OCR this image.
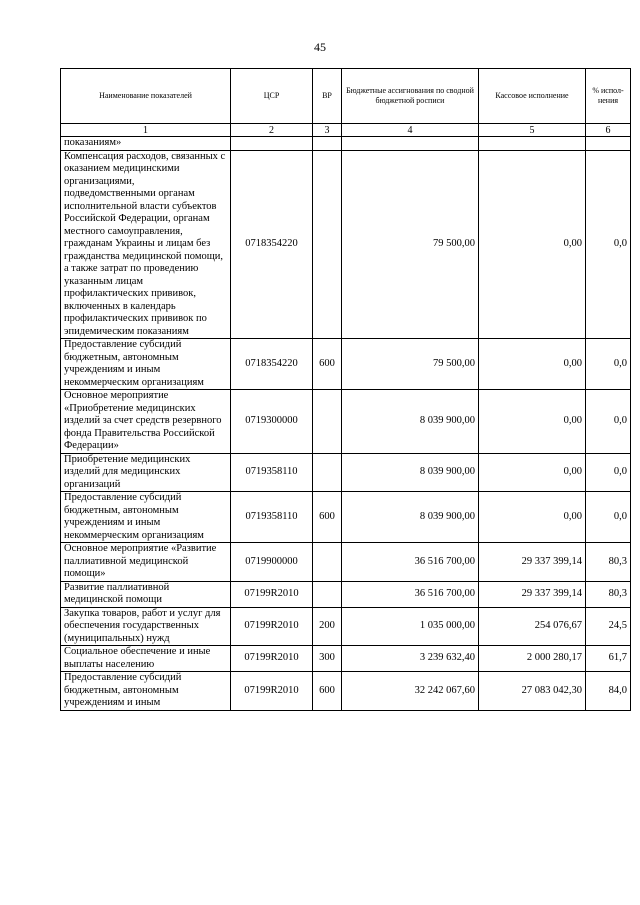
45
Наименование показателей	ЦСР	ВР	Бюджетные ассигнования по сводной бюджетной росписи	Кассовое исполнение	% испол-нения
1	2	3	4	5	6
показаниям»					
Компенсация расходов, связанных с оказанием медицинскими организациями, подведомственными органам исполнительной власти субъектов Российской Федерации, органам местного самоуправления, гражданам Украины и лицам без гражданства медицинской помощи, а также затрат по проведению указанным лицам профилактических прививок, включенных в календарь профилактических прививок по эпидемическим показаниям	0718354220		79 500,00	0,00	0,0
Предоставление субсидий бюджетным, автономным учреждениям и иным некоммерческим организациям	0718354220	600	79 500,00	0,00	0,0
Основное мероприятие «Приобретение медицинских изделий за счет средств резервного фонда Правительства Российской Федерации»	0719300000		8 039 900,00	0,00	0,0
Приобретение медицинских изделий для медицинских организаций	0719358110		8 039 900,00	0,00	0,0
Предоставление субсидий бюджетным, автономным учреждениям и иным некоммерческим организациям	0719358110	600	8 039 900,00	0,00	0,0
Основное мероприятие «Развитие паллиативной медицинской помощи»	0719900000		36 516 700,00	29 337 399,14	80,3
Развитие паллиативной медицинской помощи	07199R2010		36 516 700,00	29 337 399,14	80,3
Закупка товаров, работ и услуг для обеспечения государственных (муниципальных) нужд	07199R2010	200	1 035 000,00	254 076,67	24,5
Социальное обеспечение и иные выплаты населению	07199R2010	300	3 239 632,40	2 000 280,17	61,7
Предоставление субсидий бюджетным, автономным учреждениям и иным	07199R2010	600	32 242 067,60	27 083 042,30	84,0
